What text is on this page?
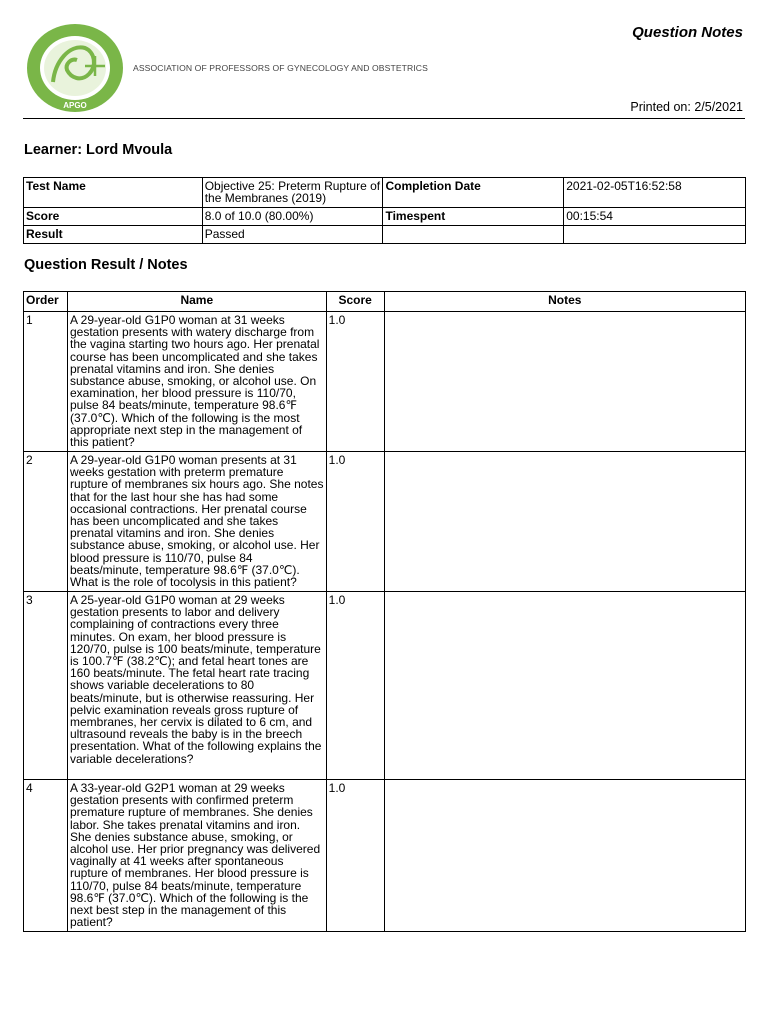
APGO
ASSOCIATION OF PROFESSORS OF GYNECOLOGY AND OBSTETRICS
Question Notes
Printed on: 2/5/2021
Learner: Lord Mvoula
Test Name	Objective 25: Preterm Rupture of the Membranes (2019)	Completion Date	2021-02-05T16:52:58
Score	8.0 of 10.0 (80.00%)	Timespent	00:15:54
Result	Passed		
Question Result / Notes
Order	Name	Score	Notes
1	A 29-year-old G1P0 woman at 31 weeks gestation presents with watery discharge from the vagina starting two hours ago. Her prenatal course has been uncomplicated and she takes prenatal vitamins and iron. She denies substance abuse, smoking, or alcohol use. On examination, her blood pressure is 110/70, pulse 84 beats/minute, temperature 98.6℉ (37.0℃). Which of the following is the most appropriate next step in the management of this patient?	1.0	
2	A 29-year-old G1P0 woman presents at 31 weeks gestation with preterm premature rupture of membranes six hours ago. She notes that for the last hour she has had some occasional contractions. Her prenatal course has been uncomplicated and she takes prenatal vitamins and iron. She denies substance abuse, smoking, or alcohol use. Her blood pressure is 110/70, pulse 84 beats/minute, temperature 98.6℉ (37.0℃). What is the role of tocolysis in this patient?	1.0	
3	A 25-year-old G1P0 woman at 29 weeks gestation presents to labor and delivery complaining of contractions every three minutes. On exam, her blood pressure is 120/70, pulse is 100 beats/minute, temperature is 100.7℉ (38.2℃); and fetal heart tones are 160 beats/minute. The fetal heart rate tracing shows variable decelerations to 80 beats/minute, but is otherwise reassuring. Her pelvic examination reveals gross rupture of membranes, her cervix is dilated to 6 cm, and ultrasound reveals the baby is in the breech presentation. What of the following explains the variable decelerations?	1.0	
4	A 33-year-old G2P1 woman at 29 weeks gestation presents with confirmed preterm premature rupture of membranes. She denies labor. She takes prenatal vitamins and iron. She denies substance abuse, smoking, or alcohol use. Her prior pregnancy was delivered vaginally at 41 weeks after spontaneous rupture of membranes. Her blood pressure is 110/70, pulse 84 beats/minute, temperature 98.6℉ (37.0℃). Which of the following is the next best step in the management of this patient?	1.0	
